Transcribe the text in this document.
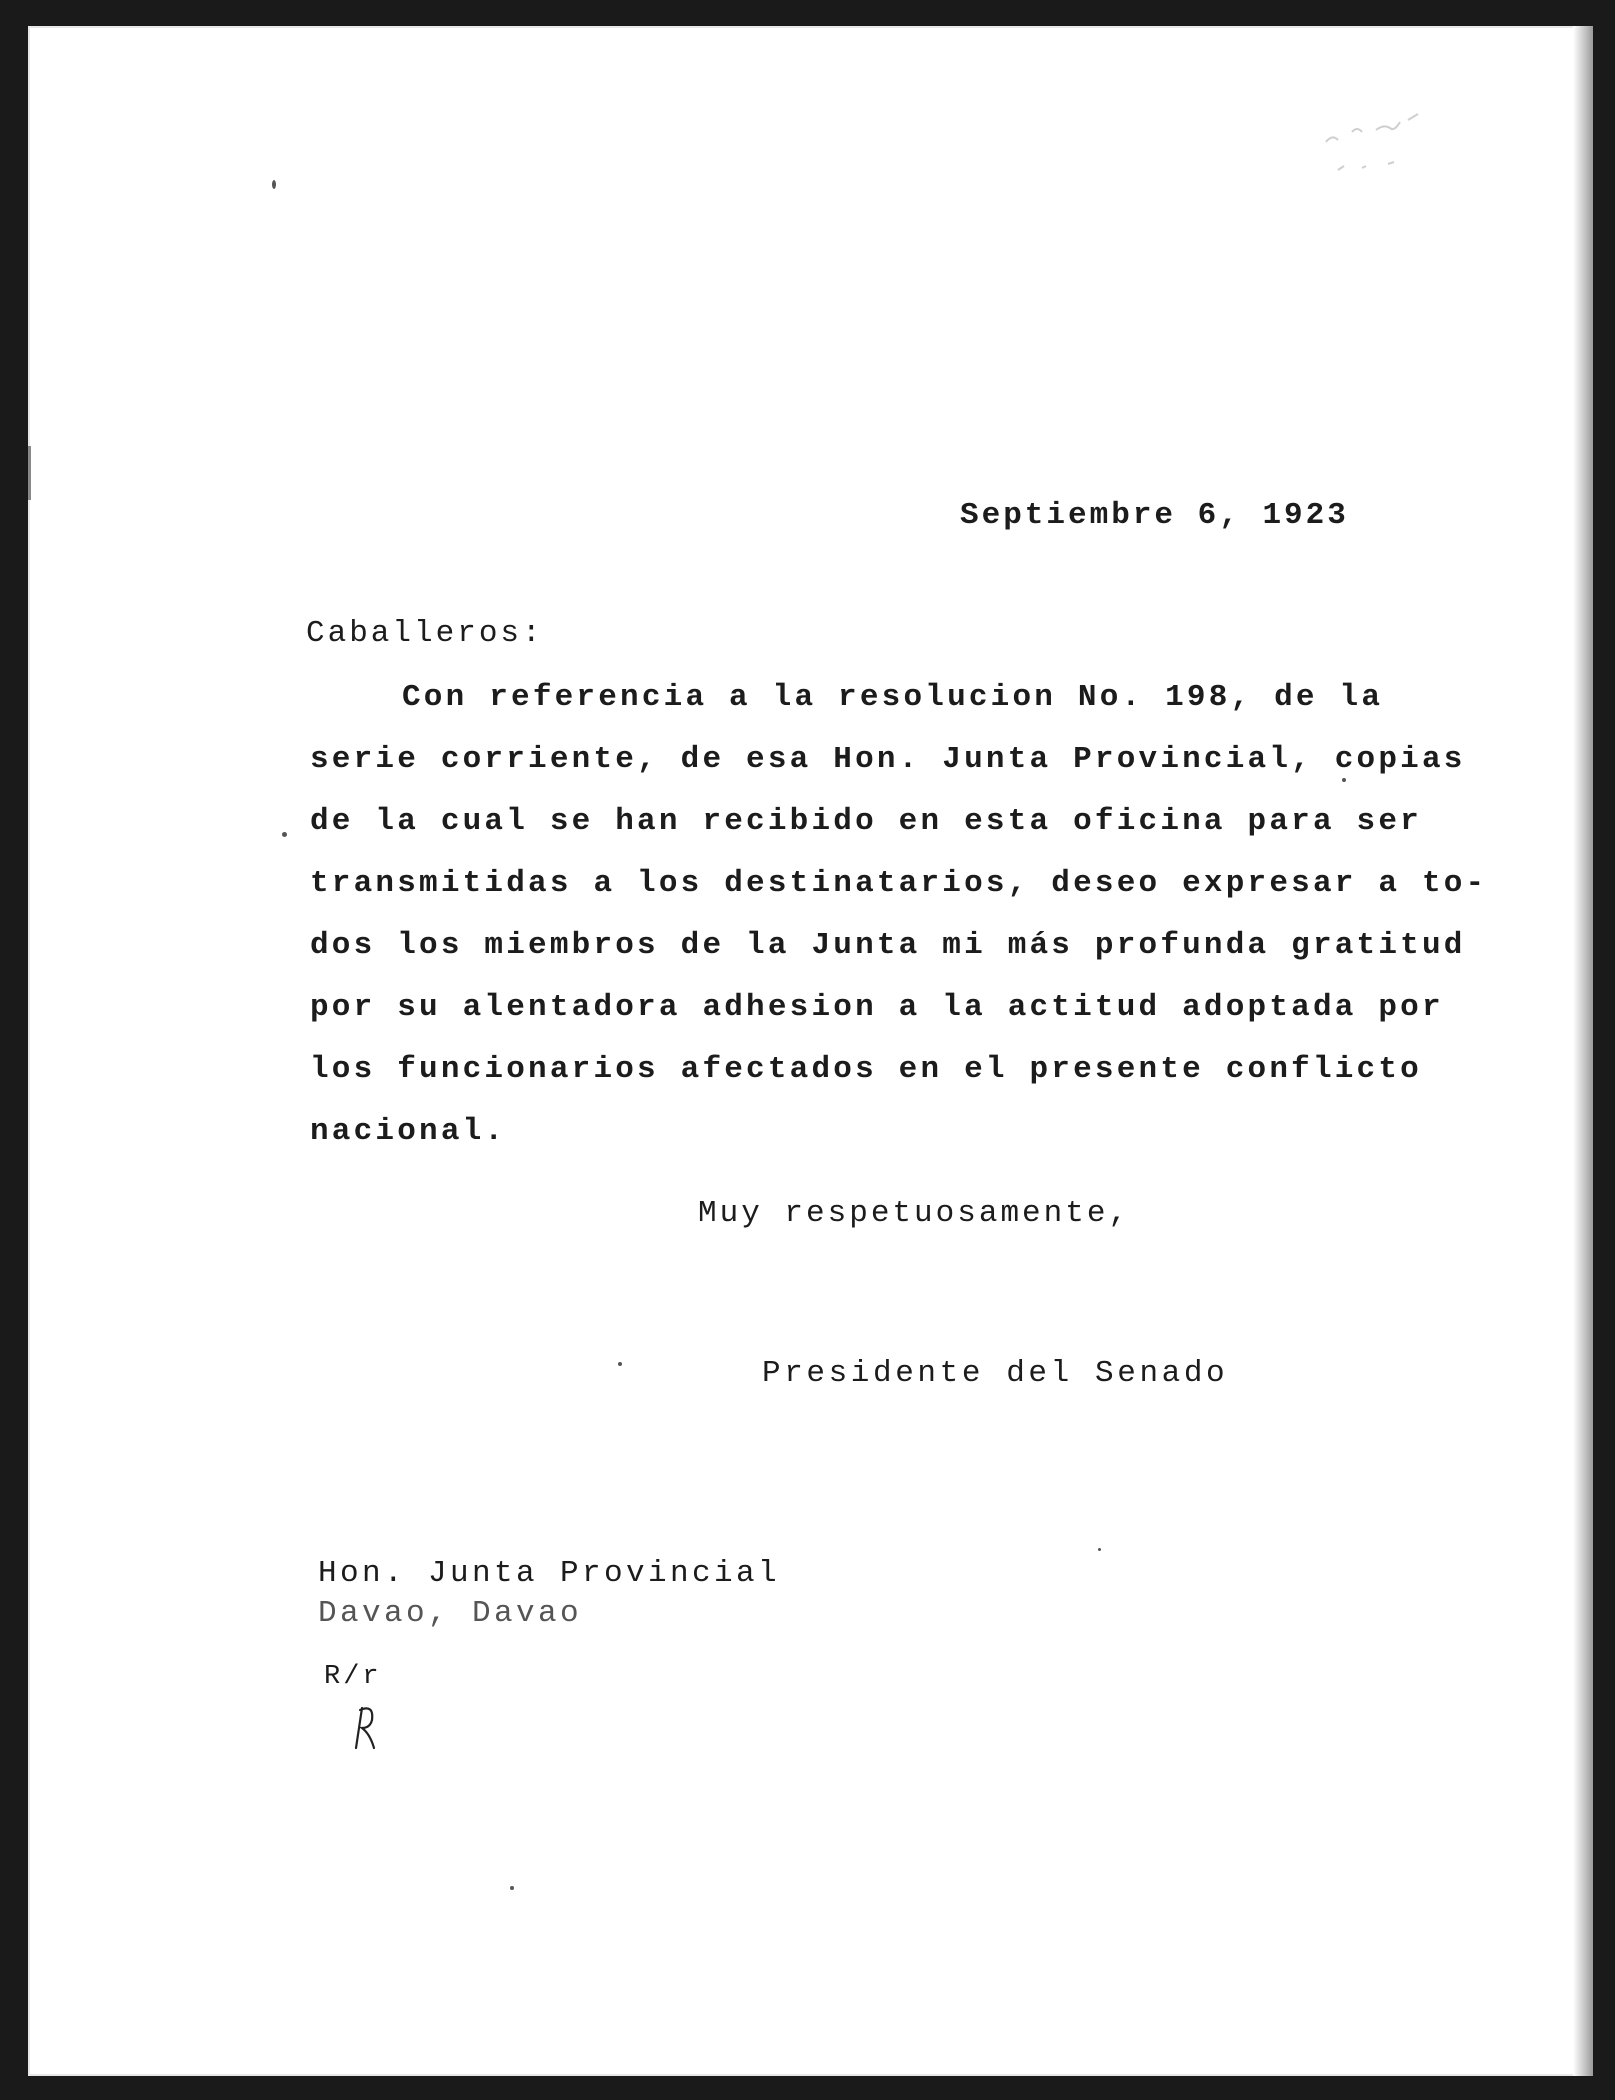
Septiembre 6, 1923
Caballeros:
Con referencia a la resolucion No. 198, de la
serie corriente, de esa Hon. Junta Provincial, copias
de la cual se han recibido en esta oficina para ser
transmitidas a los destinatarios, deseo expresar a to-
dos los miembros de la Junta mi más profunda gratitud
por su alentadora adhesion a la actitud adoptada por
los funcionarios afectados en el presente conflicto
nacional.
Muy respetuosamente,
Presidente del Senado
Hon. Junta Provincial
Davao, Davao
R/r
